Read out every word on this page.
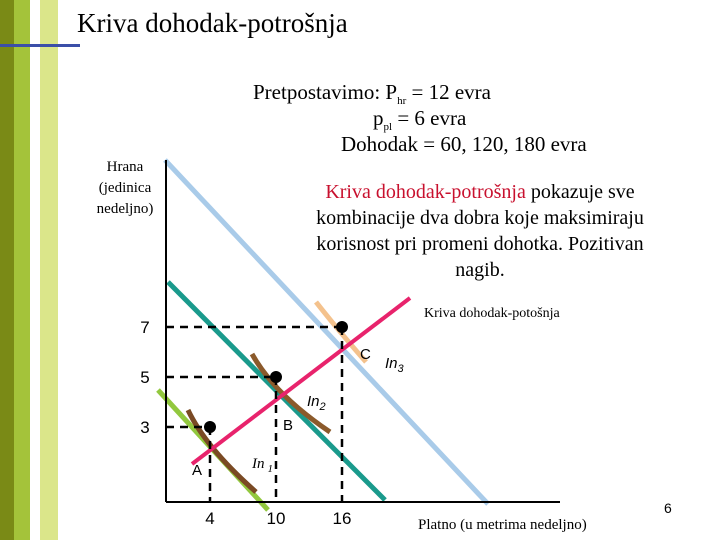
Kriva dohodak-potrošnja
Pretpostavimo: $P_{hr} = 12$ evra
$p_{pl} = 6$ evra
Dohodak = 60, 120, 180 evra
Hrana
(jedinica
nedeljno)
Kriva dohodak-potrošnja pokazuje sve kombinacije dva dobra koje maksimiraju korisnost pri promeni dohotka. Pozitivan nagib.
Kriva dohodak-potošnja
4	10	16
7
5
3
A
B
C
In $_1$
$In_2$
$In_3$
Platno (u metrima nedeljno)
6
